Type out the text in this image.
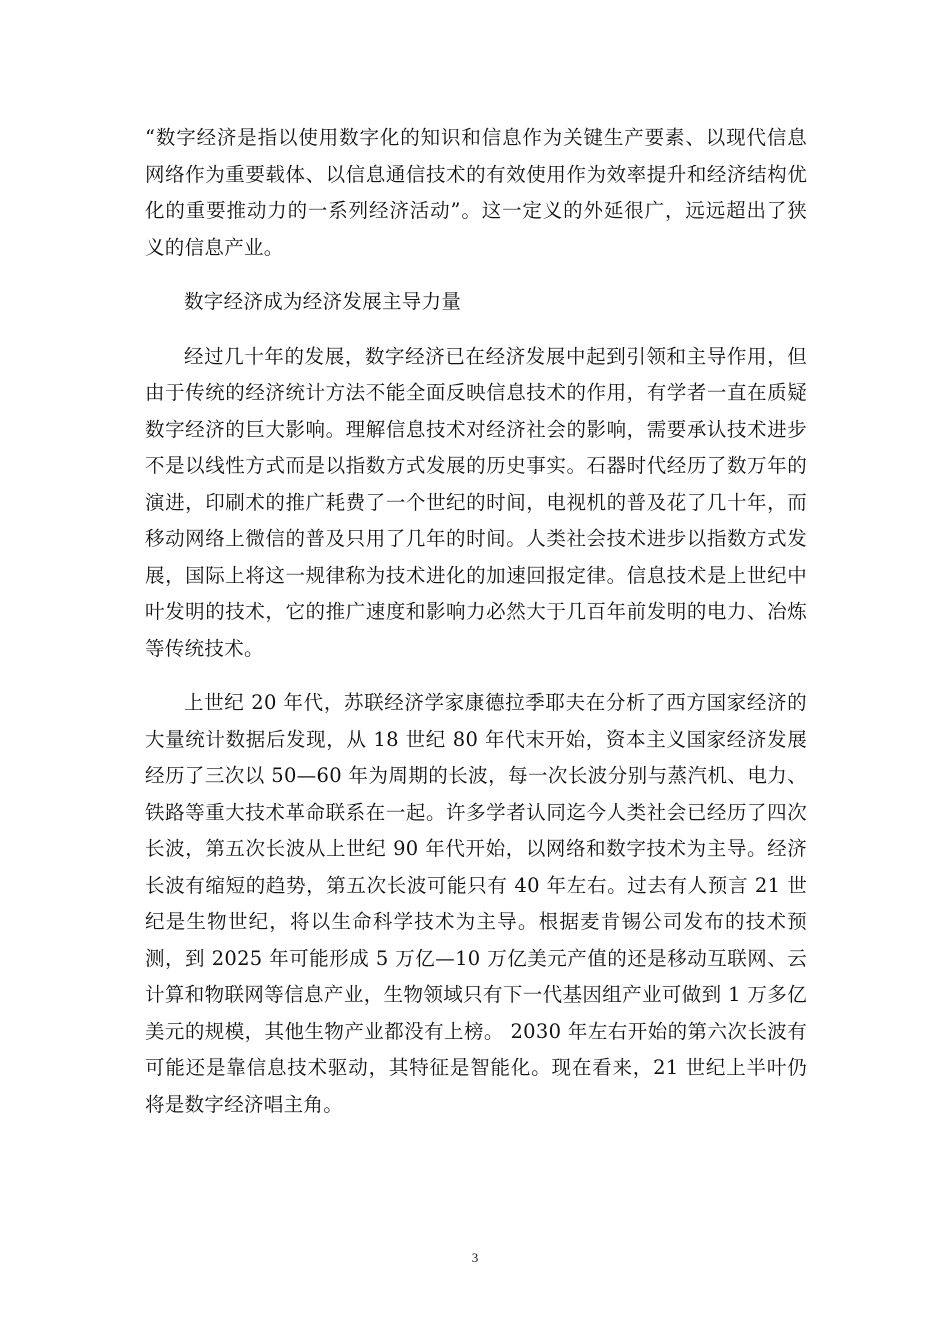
“数字经济是指以使用数字化的知识和信息作为关键生产要素、以现代信息网络作为重要载体、以信息通信技术的有效使用作为效率提升和经济结构优化的重要推动力的一系列经济活动”。这一定义的外延很广，远远超出了狭义的信息产业。

数字经济成为经济发展主导力量

经过几十年的发展，数字经济已在经济发展中起到引领和主导作用，但由于传统的经济统计方法不能全面反映信息技术的作用，有学者一直在质疑数字经济的巨大影响。理解信息技术对经济社会的影响，需要承认技术进步不是以线性方式而是以指数方式发展的历史事实。石器时代经历了数万年的演进，印刷术的推广耗费了一个世纪的时间，电视机的普及花了几十年，而移动网络上微信的普及只用了几年的时间。人类社会技术进步以指数方式发展，国际上将这一规律称为技术进化的加速回报定律。信息技术是上世纪中叶发明的技术，它的推广速度和影响力必然大于几百年前发明的电力、冶炼等传统技术。

上世纪 20 年代，苏联经济学家康德拉季耶夫在分析了西方国家经济的大量统计数据后发现，从 18 世纪 80 年代末开始，资本主义国家经济发展经历了三次以 50—60 年为周期的长波，每一次长波分别与蒸汽机、电力、铁路等重大技术革命联系在一起。许多学者认同迄今人类社会已经历了四次长波，第五次长波从上世纪 90 年代开始，以网络和数字技术为主导。经济长波有缩短的趋势，第五次长波可能只有 40 年左右。过去有人预言 21 世纪是生物世纪，将以生命科学技术为主导。根据麦肯锡公司发布的技术预测，到 2025 年可能形成 5 万亿—10 万亿美元产值的还是移动互联网、云计算和物联网等信息产业，生物领域只有下一代基因组产业可做到 1 万多亿美元的规模，其他生物产业都没有上榜。 2030 年左右开始的第六次长波有可能还是靠信息技术驱动，其特征是智能化。现在看来，21 世纪上半叶仍将是数字经济唱主角。

3
